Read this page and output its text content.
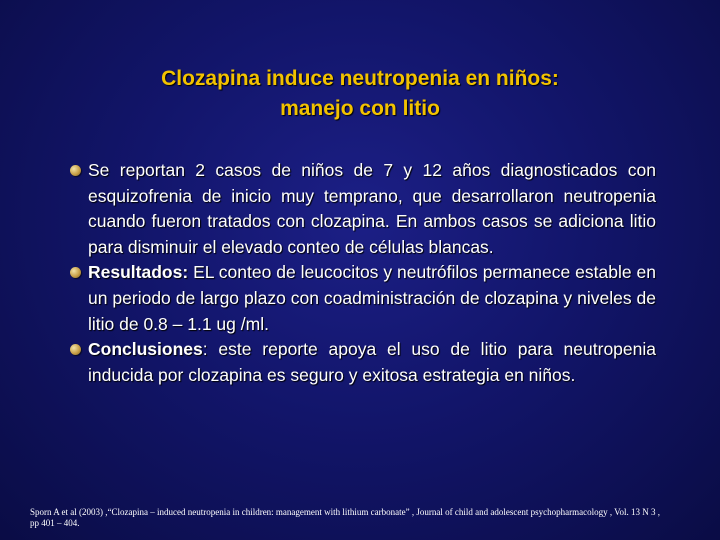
Clozapina induce neutropenia en niños:
manejo con litio
Se reportan 2 casos de niños de 7 y 12 años diagnosticados con esquizofrenia de inicio muy temprano, que desarrollaron neutropenia cuando fueron tratados con clozapina. En ambos casos se adiciona litio para disminuir el elevado conteo de células blancas.
Resultados: EL conteo de leucocitos y neutrófilos permanece estable en un periodo de largo plazo con coadministración de clozapina y niveles de litio de 0.8 – 1.1 ug /ml.
Conclusiones: este reporte apoya el uso de litio para neutropenia inducida por clozapina es seguro y exitosa estrategia en niños.
Sporn A et al (2003) ,“Clozapina – induced neutropenia in children: management with lithium carbonate” , Journal of child and adolescent psychopharmacology , Vol. 13 N 3 ,
pp 401 – 404.
